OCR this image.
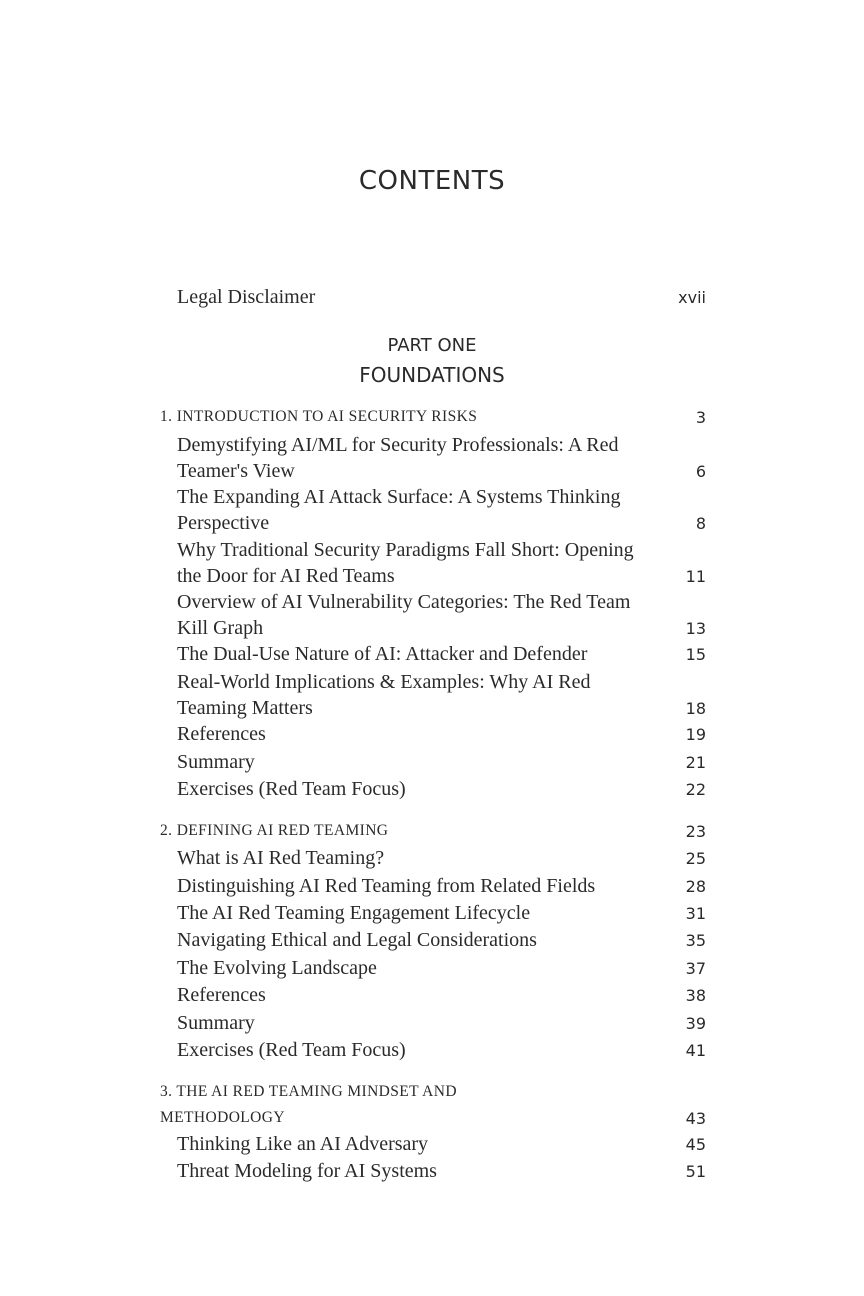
CONTENTS
Legal Disclaimer	xvii
PART ONE
FOUNDATIONS
1. INTRODUCTION TO AI SECURITY RISKS	3
Demystifying AI/ML for Security Professionals: A Red Teamer's View	6
The Expanding AI Attack Surface: A Systems Thinking Perspective	8
Why Traditional Security Paradigms Fall Short: Opening the Door for AI Red Teams	11
Overview of AI Vulnerability Categories: The Red Team Kill Graph	13
The Dual-Use Nature of AI: Attacker and Defender	15
Real-World Implications & Examples: Why AI Red Teaming Matters	18
References	19
Summary	21
Exercises (Red Team Focus)	22
2. DEFINING AI RED TEAMING	23
What is AI Red Teaming?	25
Distinguishing AI Red Teaming from Related Fields	28
The AI Red Teaming Engagement Lifecycle	31
Navigating Ethical and Legal Considerations	35
The Evolving Landscape	37
References	38
Summary	39
Exercises (Red Team Focus)	41
3. THE AI RED TEAMING MINDSET AND METHODOLOGY	43
Thinking Like an AI Adversary	45
Threat Modeling for AI Systems	51
